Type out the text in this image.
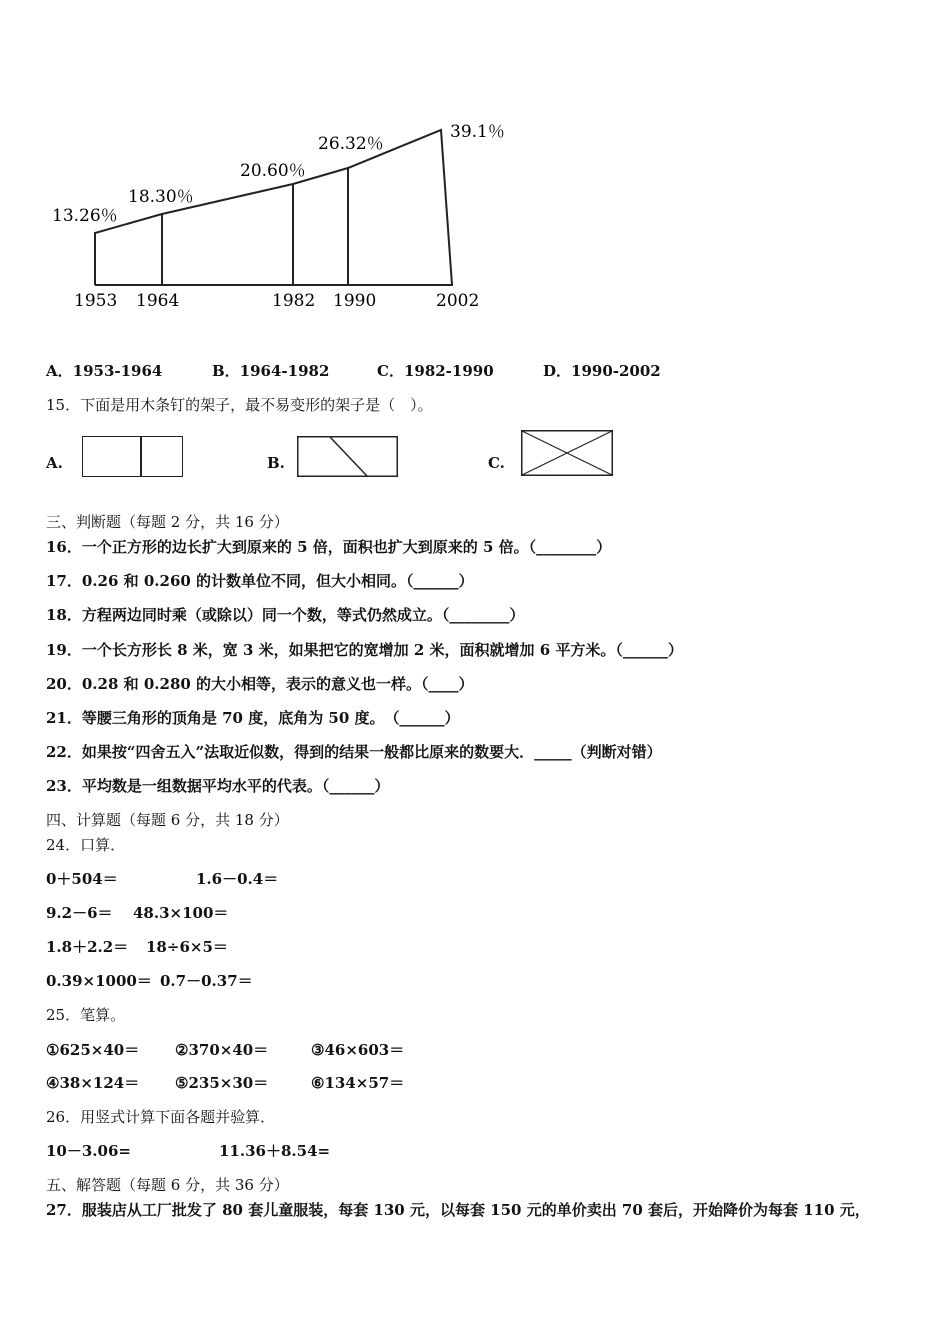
13.26％
18.30％
20.60％
26.32％
39.1％
1953 1964	1982 1990	2002
A．1953-1964	B．1964-1982	C．1982-1990	D．1990-2002
15．下面是用木条钉的架子，最不易变形的架子是（　）。
A.	B.	C.
三、判断题（每题 2 分，共 16 分）
16．一个正方形的边长扩大到原来的 5 倍，面积也扩大到原来的 5 倍。（________）
17．0.26 和 0.260 的计数单位不同，但大小相同。（______）
18．方程两边同时乘（或除以）同一个数，等式仍然成立。（________）
19．一个长方形长 8 米，宽 3 米，如果把它的宽增加 2 米，面积就增加 6 平方米。（______）
20．0.28 和 0.280 的大小相等，表示的意义也一样。（____）
21．等腰三角形的顶角是 70 度，底角为 50 度。　（______）
22．如果按“四舍五入”法取近似数，得到的结果一般都比原来的数要大．_____（判断对错）
23．平均数是一组数据平均水平的代表。（______）
四、计算题（每题 6 分，共 18 分）
24．口算．
0＋504＝	1.6－0.4＝
9.2－6＝ 48.3×100＝
1.8＋2.2＝ 18÷6×5＝
0.39×1000＝ 0.7－0.37＝
25．笔算。
①625×40＝ ②370×40＝	③46×603＝
④38×124＝ ⑤235×30＝	⑥134×57＝
26．用竖式计算下面各题并验算．
10－3.06=	11.36＋8.54=
五、解答题（每题 6 分，共 36 分）
27．服装店从工厂批发了 80 套儿童服装，每套 130 元，以每套 150 元的单价卖出 70 套后，开始降价为每套 110 元，
